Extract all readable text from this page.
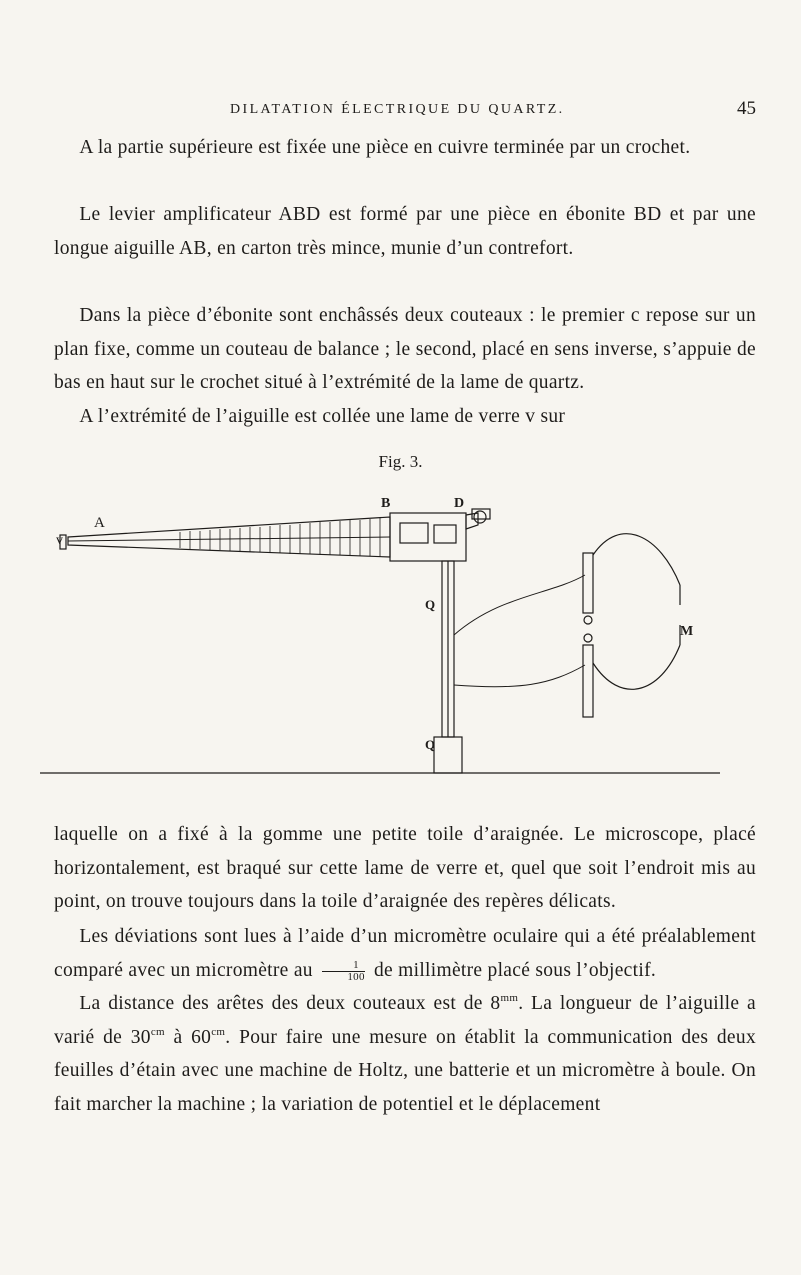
DILATATION ÉLECTRIQUE DU QUARTZ.	45

A la partie supérieure est fixée une pièce en cuivre terminée par un crochet.

Le levier amplificateur ABD est formé par une pièce en ébonite BD et par une longue aiguille AB, en carton très mince, munie d’un contrefort.

Dans la pièce d’ébonite sont enchâssés deux couteaux : le premier c repose sur un plan fixe, comme un couteau de balance ; le second, placé en sens inverse, s’appuie de bas en haut sur le crochet situé à l’extrémité de la lame de quartz.

A l’extrémité de l’aiguille est collée une lame de verre v sur

Fig. 3.
B	D
A
v
M
Q
Q

laquelle on a fixé à la gomme une petite toile d’araignée. Le microscope, placé horizontalement, est braqué sur cette lame de verre et, quel que soit l’endroit mis au point, on trouve toujours dans la toile d’araignée des repères délicats.

Les déviations sont lues à l’aide d’un micromètre oculaire qui a été préalablement comparé avec un micromètre au $\frac{1}{100}$ de millimètre placé sous l’objectif.

La distance des arêtes des deux couteaux est de $8^{mm}$. La longueur de l’aiguille a varié de $30^{cm}$ à $60^{cm}$. Pour faire une mesure on établit la communication des deux feuilles d’étain avec une machine de Holtz, une batterie et un micromètre à boule. On fait marcher la machine ; la variation de potentiel et le déplacement
